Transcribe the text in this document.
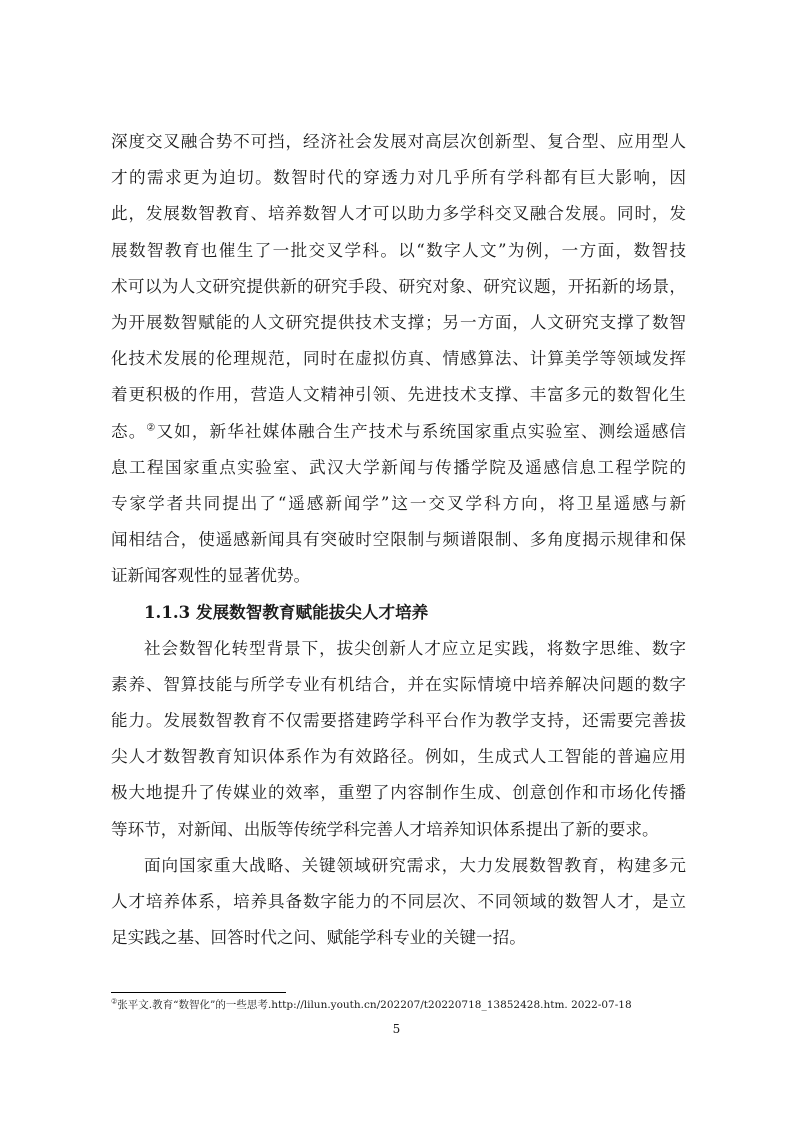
深度交叉融合势不可挡，经济社会发展对高层次创新型、复合型、应用型人
才的需求更为迫切。数智时代的穿透力对几乎所有学科都有巨大影响，因
此，发展数智教育、培养数智人才可以助力多学科交叉融合发展。同时，发
展数智教育也催生了一批交叉学科。以“数字人文”为例，一方面，数智技
术可以为人文研究提供新的研究手段、研究对象、研究议题，开拓新的场景，
为开展数智赋能的人文研究提供技术支撑；另一方面，人文研究支撑了数智
化技术发展的伦理规范，同时在虚拟仿真、情感算法、计算美学等领域发挥
着更积极的作用，营造人文精神引领、先进技术支撑、丰富多元的数智化生
态。②又如，新华社媒体融合生产技术与系统国家重点实验室、测绘遥感信
息工程国家重点实验室、武汉大学新闻与传播学院及遥感信息工程学院的
专家学者共同提出了“遥感新闻学”这一交叉学科方向，将卫星遥感与新
闻相结合，使遥感新闻具有突破时空限制与频谱限制、多角度揭示规律和保
证新闻客观性的显著优势。
1.1.3 发展数智教育赋能拔尖人才培养
社会数智化转型背景下，拔尖创新人才应立足实践，将数字思维、数字
素养、智算技能与所学专业有机结合，并在实际情境中培养解决问题的数字
能力。发展数智教育不仅需要搭建跨学科平台作为教学支持，还需要完善拔
尖人才数智教育知识体系作为有效路径。例如，生成式人工智能的普遍应用
极大地提升了传媒业的效率，重塑了内容制作生成、创意创作和市场化传播
等环节，对新闻、出版等传统学科完善人才培养知识体系提出了新的要求。
面向国家重大战略、关键领域研究需求，大力发展数智教育，构建多元
人才培养体系，培养具备数字能力的不同层次、不同领域的数智人才，是立
足实践之基、回答时代之问、赋能学科专业的关键一招。
②张平文.教育“数智化”的一些思考.http://lilun.youth.cn/202207/t20220718_13852428.htm. 2022-07-18
5
